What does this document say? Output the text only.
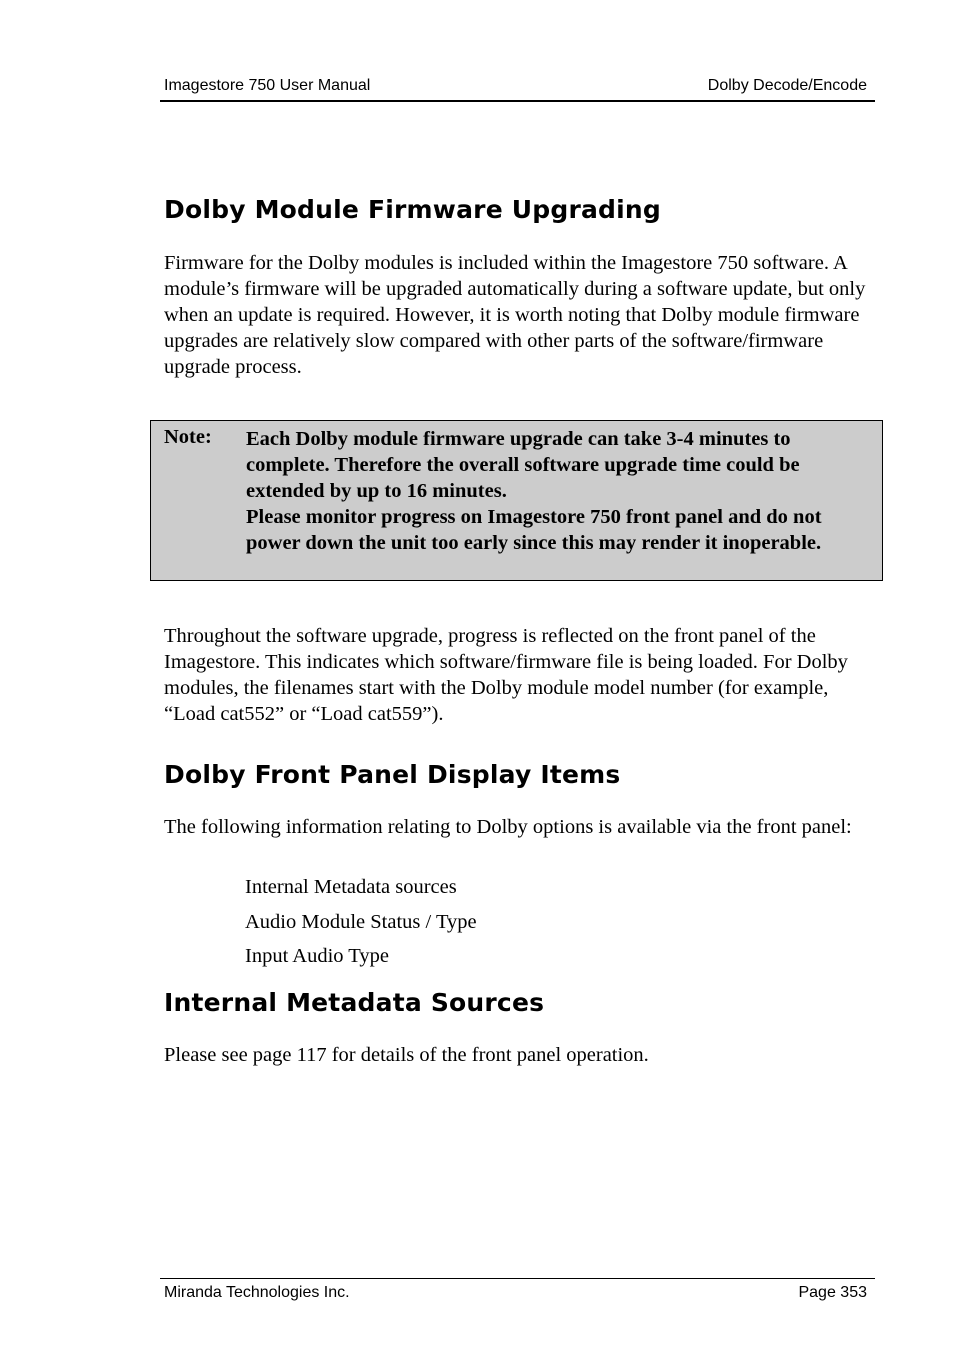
Imagestore 750 User Manual	Dolby Decode/Encode
Dolby Module Firmware Upgrading

Firmware for the Dolby modules is included within the Imagestore 750 software. A module’s firmware will be upgraded automatically during a software update, but only when an update is required. However, it is worth noting that Dolby module firmware upgrades are relatively slow compared with other parts of the software/firmware upgrade process.

Note: Each Dolby module firmware upgrade can take 3-4 minutes to complete. Therefore the overall software upgrade time could be extended by up to 16 minutes.
Please monitor progress on Imagestore 750 front panel and do not power down the unit too early since this may render it inoperable.

Throughout the software upgrade, progress is reflected on the front panel of the Imagestore. This indicates which software/firmware file is being loaded. For Dolby modules, the filenames start with the Dolby module model number (for example, “Load cat552” or “Load cat559”).

Dolby Front Panel Display Items

The following information relating to Dolby options is available via the front panel:

Internal Metadata sources
Audio Module Status / Type
Input Audio Type
Internal Metadata Sources

Please see page 117 for details of the front panel operation.

Miranda Technologies Inc.	Page 353
